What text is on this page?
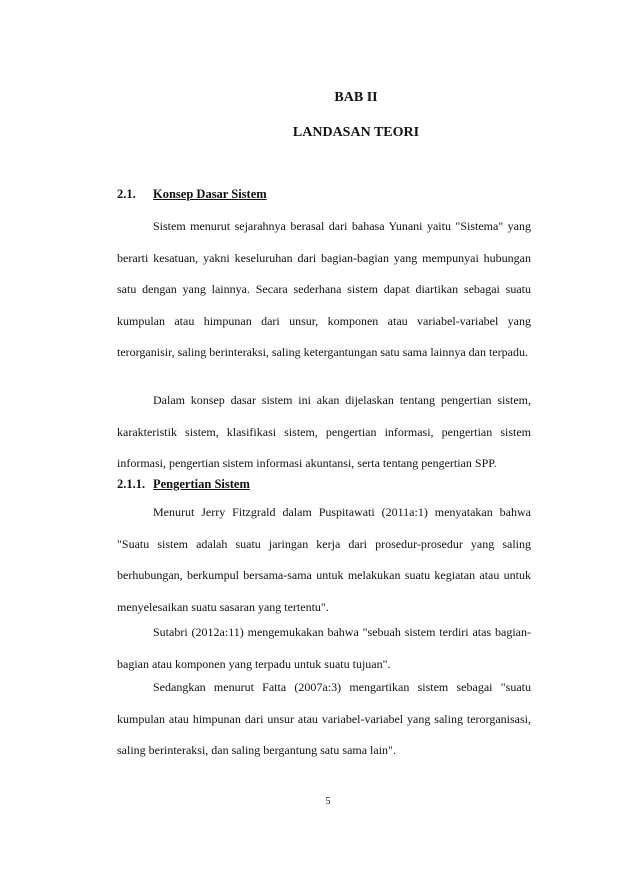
BAB II
LANDASAN TEORI
2.1. Konsep Dasar Sistem

Sistem menurut sejarahnya berasal dari bahasa Yunani yaitu "Sistema" yang berarti kesatuan, yakni keseluruhan dari bagian-bagian yang mempunyai hubungan satu dengan yang lainnya. Secara sederhana sistem dapat diartikan sebagai suatu kumpulan atau himpunan dari unsur, komponen atau variabel-variabel yang terorganisir, saling berinteraksi, saling ketergantungan satu sama lainnya dan terpadu.

Dalam konsep dasar sistem ini akan dijelaskan tentang pengertian sistem, karakteristik sistem, klasifikasi sistem, pengertian informasi, pengertian sistem informasi, pengertian sistem informasi akuntansi, serta tentang pengertian SPP.

2.1.1. Pengertian Sistem

Menurut Jerry Fitzgrald dalam Puspitawati (2011a:1) menyatakan bahwa "Suatu sistem adalah suatu jaringan kerja dari prosedur-prosedur yang saling berhubungan, berkumpul bersama-sama untuk melakukan suatu kegiatan atau untuk menyelesaikan suatu sasaran yang tertentu".

Sutabri (2012a:11) mengemukakan bahwa "sebuah sistem terdiri atas bagian-bagian atau komponen yang terpadu untuk suatu tujuan".

Sedangkan menurut Fatta (2007a:3) mengartikan sistem sebagai "suatu kumpulan atau himpunan dari unsur atau variabel-variabel yang saling terorganisasi, saling berinteraksi, dan saling bergantung satu sama lain".

5
